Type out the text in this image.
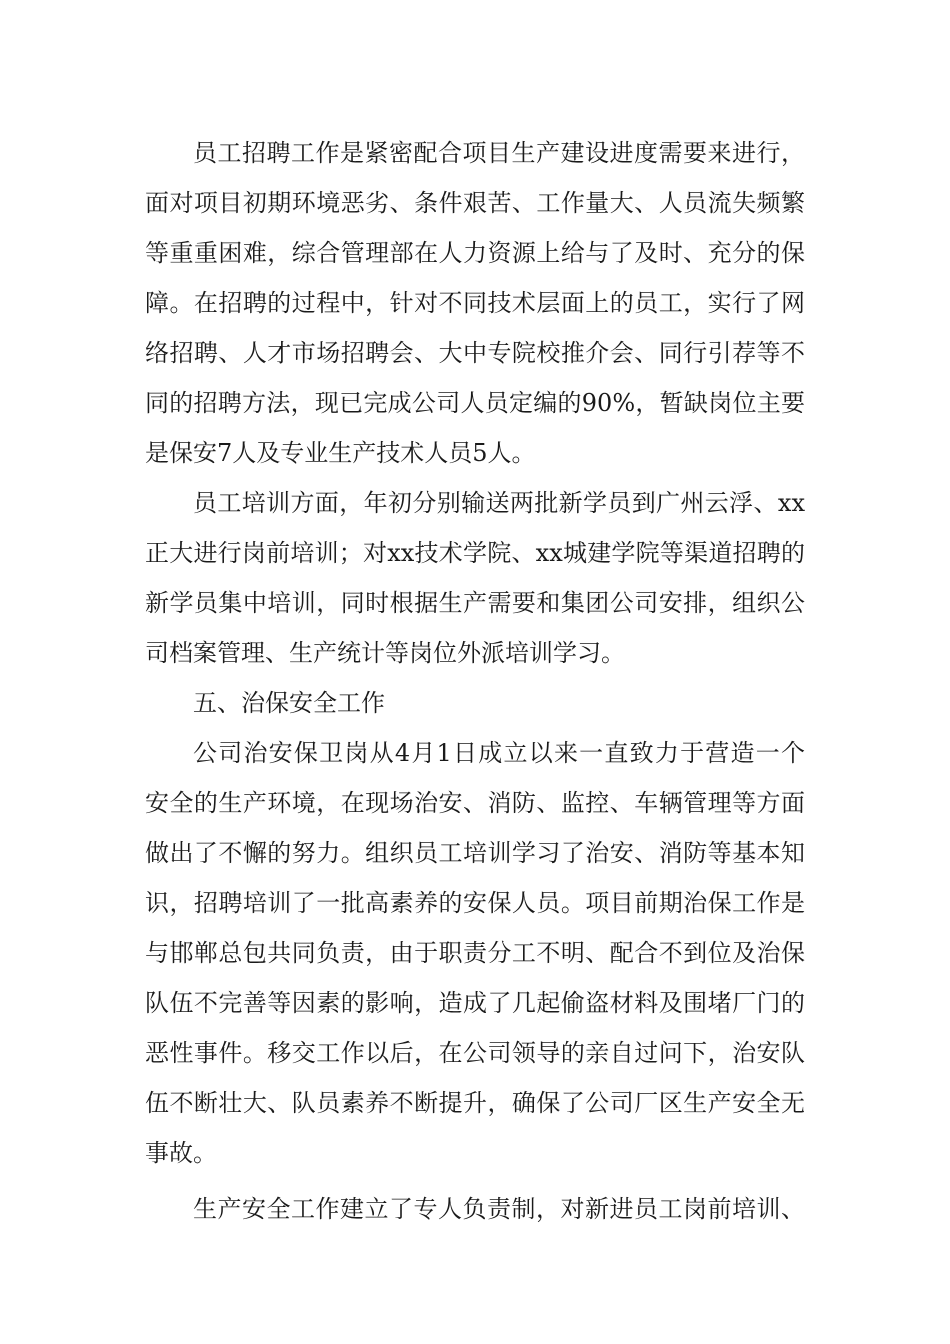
员工招聘工作是紧密配合项目生产建设进度需要来进行，
面对项目初期环境恶劣、条件艰苦、工作量大、人员流失频繁
等重重困难，综合管理部在人力资源上给与了及时、充分的保
障。在招聘的过程中，针对不同技术层面上的员工，实行了网
络招聘、人才市场招聘会、大中专院校推介会、同行引荐等不
同的招聘方法，现已完成公司人员定编的90%，暂缺岗位主要
是保安7人及专业生产技术人员5人。
员工培训方面，年初分别输送两批新学员到广州云浮、xx
正大进行岗前培训；对xx技术学院、xx城建学院等渠道招聘的
新学员集中培训，同时根据生产需要和集团公司安排，组织公
司档案管理、生产统计等岗位外派培训学习。
五、治保安全工作
公司治安保卫岗从4月1日成立以来一直致力于营造一个
安全的生产环境，在现场治安、消防、监控、车辆管理等方面
做出了不懈的努力。组织员工培训学习了治安、消防等基本知
识，招聘培训了一批高素养的安保人员。项目前期治保工作是
与邯郸总包共同负责，由于职责分工不明、配合不到位及治保
队伍不完善等因素的影响，造成了几起偷盗材料及围堵厂门的
恶性事件。移交工作以后，在公司领导的亲自过问下，治安队
伍不断壮大、队员素养不断提升，确保了公司厂区生产安全无
事故。
生产安全工作建立了专人负责制，对新进员工岗前培训、
